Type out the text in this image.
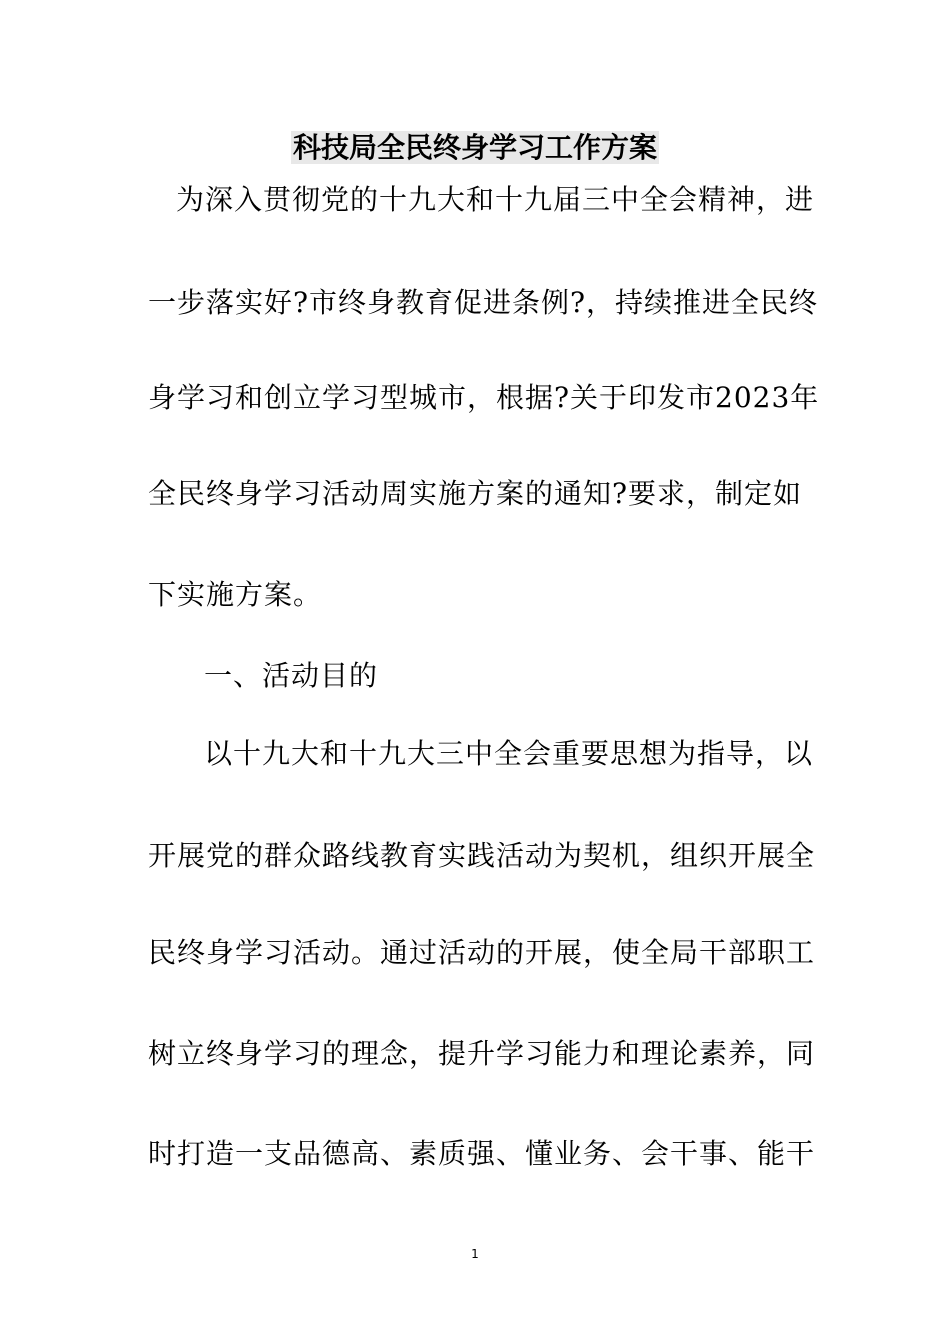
科技局全民终身学习工作方案
为深入贯彻党的十九大和十九届三中全会精神，进
一步落实好?市终身教育促进条例?，持续推进全民终
身学习和创立学习型城市，根据?关于印发市2023年
全民终身学习活动周实施方案的通知?要求，制定如
下实施方案。
一、活动目的
以十九大和十九大三中全会重要思想为指导，以
开展党的群众路线教育实践活动为契机，组织开展全
民终身学习活动。通过活动的开展，使全局干部职工
树立终身学习的理念，提升学习能力和理论素养，同
时打造一支品德高、素质强、懂业务、会干事、能干
1
